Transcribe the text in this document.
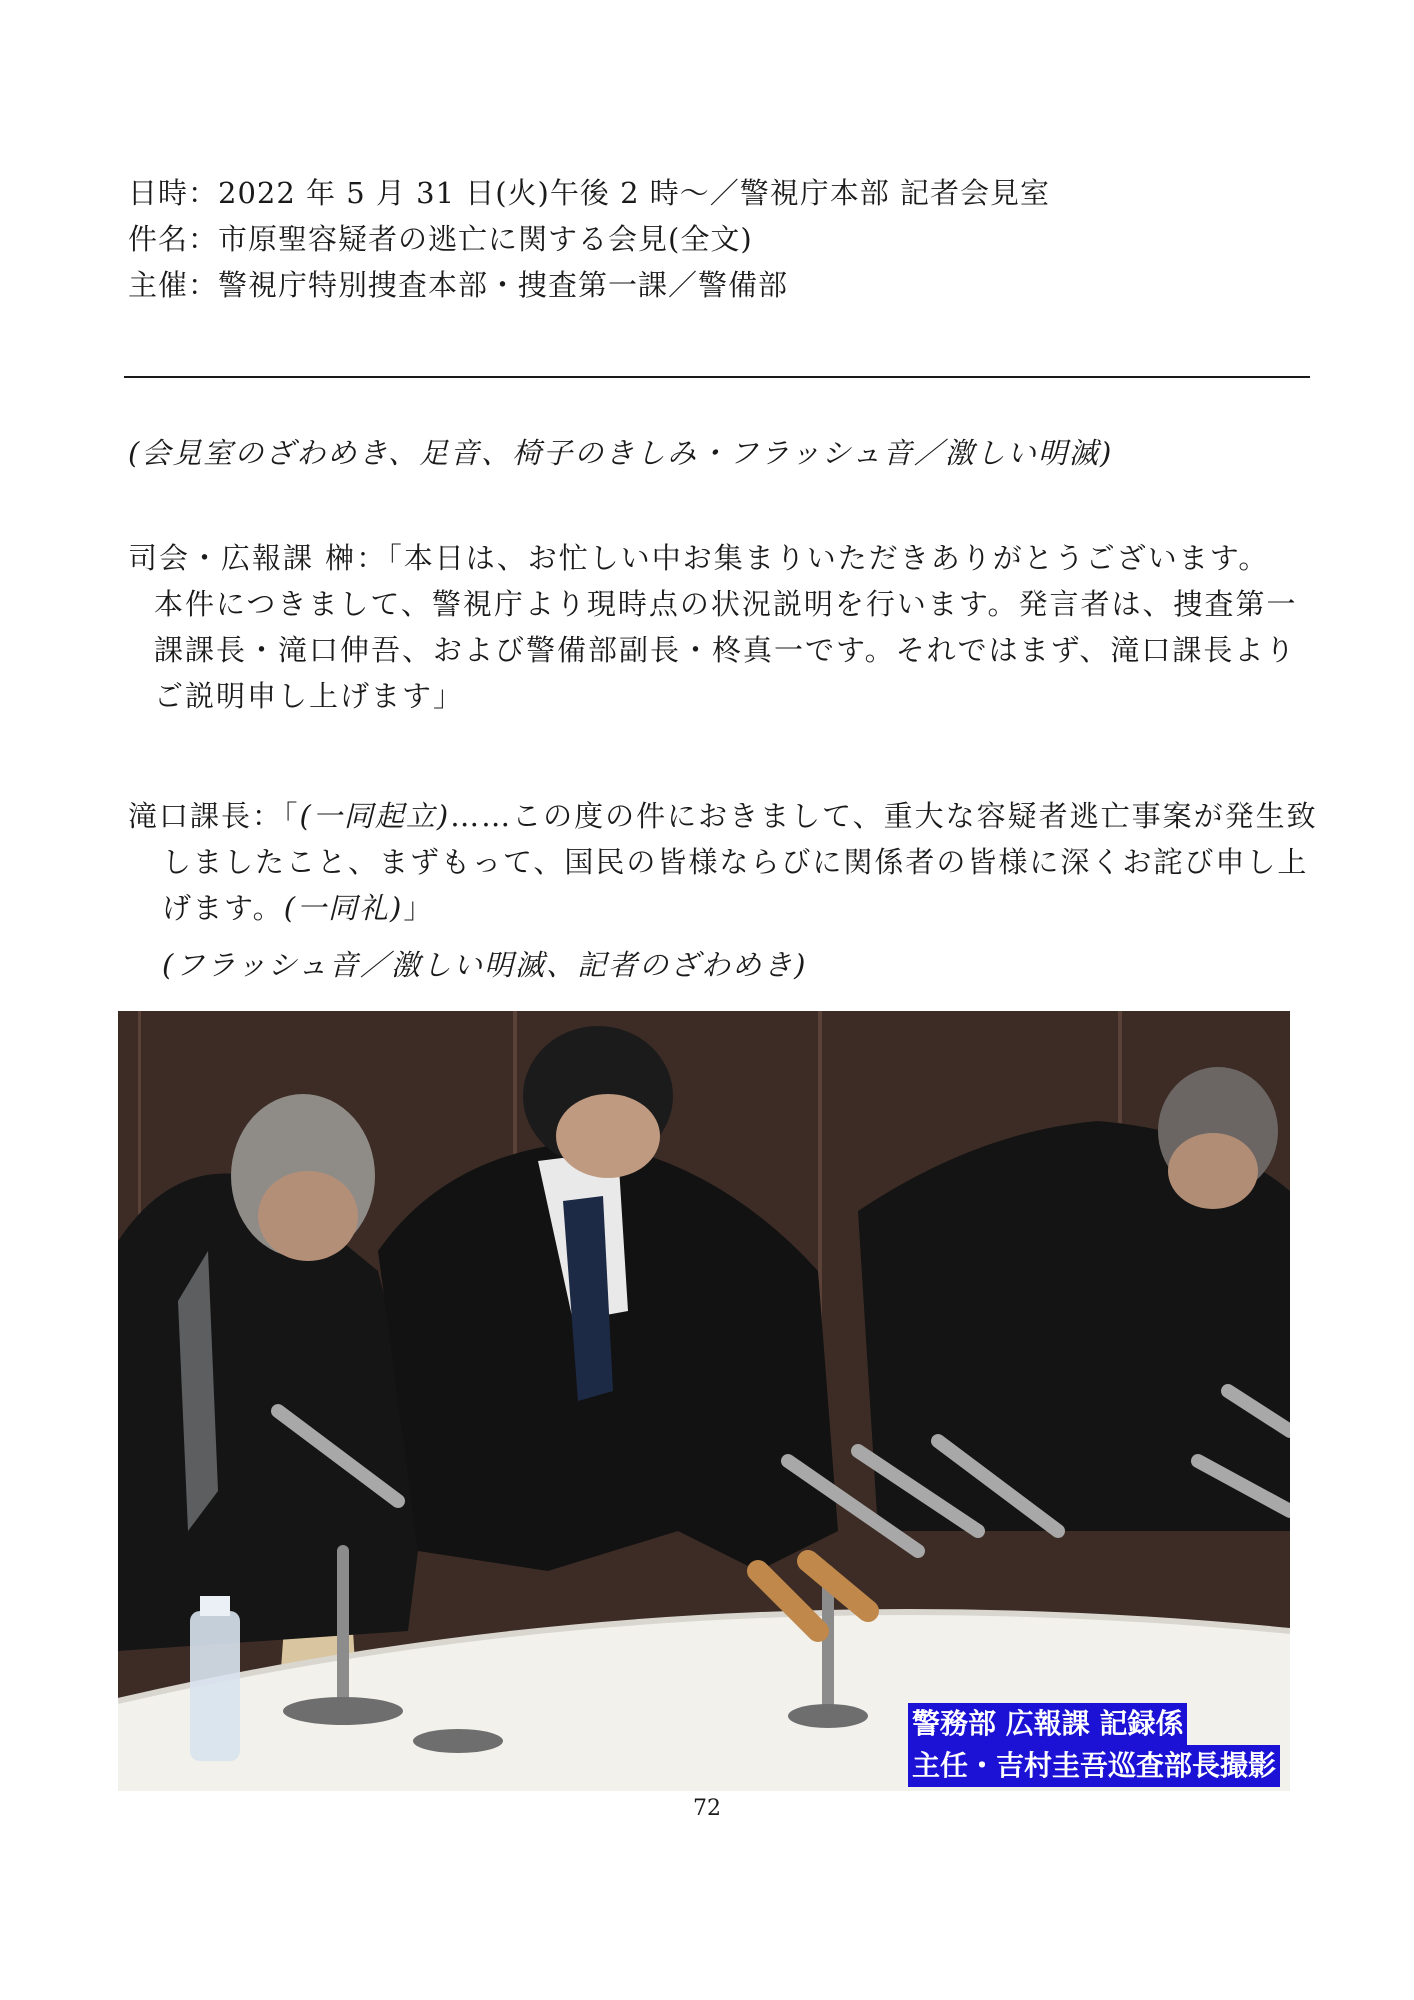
日時：2022 年 5 月 31 日(火)午後 2 時〜／警視庁本部 記者会見室
件名：市原聖容疑者の逃亡に関する会見(全文)
主催：警視庁特別捜査本部・捜査第一課／警備部
(会見室のざわめき、足音、椅子のきしみ・フラッシュ音／激しい明滅)
司会・広報課 榊：「本日は、お忙しい中お集まりいただきありがとうございます。
本件につきまして、警視庁より現時点の状況説明を行います。発言者は、捜査第一
課課長・滝口伸吾、および警備部副長・柊真一です。それではまず、滝口課長より
ご説明申し上げます」
滝口課長：「(一同起立)……この度の件におきまして、重大な容疑者逃亡事案が発生致
しましたこと、まずもって、国民の皆様ならびに関係者の皆様に深くお詫び申し上
げます。(一同礼)」
(フラッシュ音／激しい明滅、記者のざわめき)
警務部 広報課 記録係
主任・吉村圭吾巡査部長撮影
72
